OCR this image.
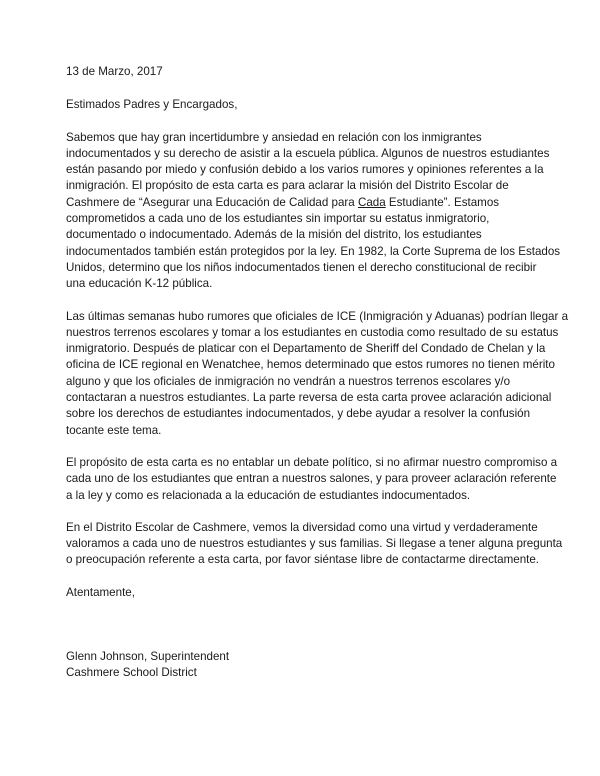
13 de Marzo, 2017
Estimados Padres y Encargados,
Sabemos que hay gran incertidumbre y ansiedad en relación con los inmigrantes
indocumentados y su derecho de asistir a la escuela pública. Algunos de nuestros estudiantes
están pasando por miedo y confusión debido a los varios rumores y opiniones referentes a la
inmigración. El propósito de esta carta es para aclarar la misión del Distrito Escolar de
Cashmere de “Asegurar una Educación de Calidad para Cada Estudiante”. Estamos
comprometidos a cada uno de los estudiantes sin importar su estatus inmigratorio,
documentado o indocumentado. Además de la misión del distrito, los estudiantes
indocumentados también están protegidos por la ley. En 1982, la Corte Suprema de los Estados
Unidos, determino que los niños indocumentados tienen el derecho constitucional de recibir
una educación K-12 pública.
Las últimas semanas hubo rumores que oficiales de ICE (Inmigración y Aduanas) podrían llegar a
nuestros terrenos escolares y tomar a los estudiantes en custodia como resultado de su estatus
inmigratorio. Después de platicar con el Departamento de Sheriff del Condado de Chelan y la
oficina de ICE regional en Wenatchee, hemos determinado que estos rumores no tienen mérito
alguno y que los oficiales de inmigración no vendrán a nuestros terrenos escolares y/o
contactaran a nuestros estudiantes. La parte reversa de esta carta provee aclaración adicional
sobre los derechos de estudiantes indocumentados, y debe ayudar a resolver la confusión
tocante este tema.
El propósito de esta carta es no entablar un debate político, si no afirmar nuestro compromiso a
cada uno de los estudiantes que entran a nuestros salones, y para proveer aclaración referente
a la ley y como es relacionada a la educación de estudiantes indocumentados.
En el Distrito Escolar de Cashmere, vemos la diversidad como una virtud y verdaderamente
valoramos a cada uno de nuestros estudiantes y sus familias. Si llegase a tener alguna pregunta
o preocupación referente a esta carta, por favor siéntase libre de contactarme directamente.
Atentamente,
Glenn Johnson, Superintendent
Cashmere School District
